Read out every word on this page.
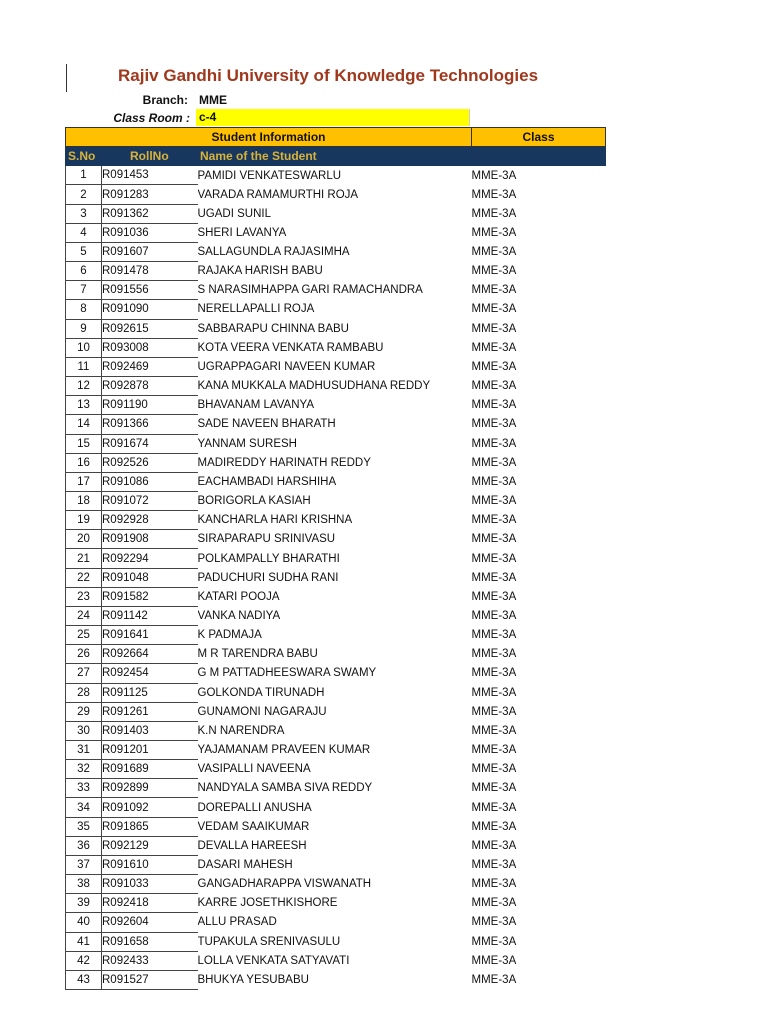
Rajiv Gandhi University of Knowledge Technologies
Branch: MME
Class Room : c-4
Student Information			Class
S.No	RollNo	Name of the Student	
1	R091453	PAMIDI VENKATESWARLU	MME-3A
2	R091283	VARADA RAMAMURTHI ROJA	MME-3A
3	R091362	UGADI SUNIL	MME-3A
4	R091036	SHERI LAVANYA	MME-3A
5	R091607	SALLAGUNDLA RAJASIMHA	MME-3A
6	R091478	RAJAKA HARISH BABU	MME-3A
7	R091556	S NARASIMHAPPA GARI RAMACHANDRA	MME-3A
8	R091090	NERELLAPALLI ROJA	MME-3A
9	R092615	SABBARAPU CHINNA BABU	MME-3A
10	R093008	KOTA VEERA VENKATA RAMBABU	MME-3A
11	R092469	UGRAPPAGARI NAVEEN KUMAR	MME-3A
12	R092878	KANA MUKKALA MADHUSUDHANA REDDY	MME-3A
13	R091190	BHAVANAM LAVANYA	MME-3A
14	R091366	SADE NAVEEN BHARATH	MME-3A
15	R091674	YANNAM SURESH	MME-3A
16	R092526	MADIREDDY HARINATH REDDY	MME-3A
17	R091086	EACHAMBADI HARSHIHA	MME-3A
18	R091072	BORIGORLA KASIAH	MME-3A
19	R092928	KANCHARLA HARI KRISHNA	MME-3A
20	R091908	SIRAPARAPU SRINIVASU	MME-3A
21	R092294	POLKAMPALLY BHARATHI	MME-3A
22	R091048	PADUCHURI SUDHA RANI	MME-3A
23	R091582	KATARI POOJA	MME-3A
24	R091142	VANKA NADIYA	MME-3A
25	R091641	K PADMAJA	MME-3A
26	R092664	M R TARENDRA BABU	MME-3A
27	R092454	G M PATTADHEESWARA SWAMY	MME-3A
28	R091125	GOLKONDA TIRUNADH	MME-3A
29	R091261	GUNAMONI NAGARAJU	MME-3A
30	R091403	K.N NARENDRA	MME-3A
31	R091201	YAJAMANAM PRAVEEN KUMAR	MME-3A
32	R091689	VASIPALLI NAVEENA	MME-3A
33	R092899	NANDYALA SAMBA SIVA REDDY	MME-3A
34	R091092	DOREPALLI ANUSHA	MME-3A
35	R091865	VEDAM SAAIKUMAR	MME-3A
36	R092129	DEVALLA HAREESH	MME-3A
37	R091610	DASARI MAHESH	MME-3A
38	R091033	GANGADHARAPPA VISWANATH	MME-3A
39	R092418	KARRE JOSETHKISHORE	MME-3A
40	R092604	ALLU PRASAD	MME-3A
41	R091658	TUPAKULA SRENIVASULU	MME-3A
42	R092433	LOLLA VENKATA SATYAVATI	MME-3A
43	R091527	BHUKYA YESUBABU	MME-3A
